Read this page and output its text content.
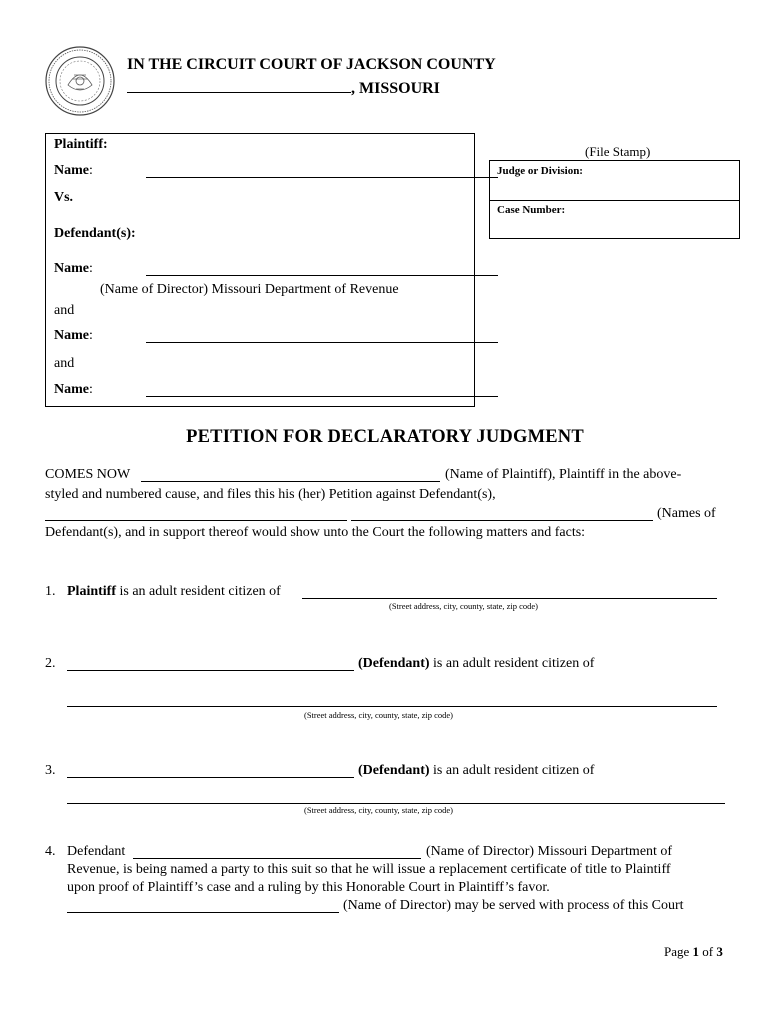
IN THE CIRCUIT COURT OF JACKSON COUNTY
, MISSOURI
Plaintiff:
Name:
Vs.
Defendant(s):
Name:
(Name of Director) Missouri Department of Revenue
and
Name:
and
Name:
(File Stamp)
Judge or Division:
Case Number:
PETITION FOR DECLARATORY JUDGMENT
COMES NOW	(Name of Plaintiff), Plaintiff in the above-
styled and numbered cause, and files this his (her) Petition against Defendant(s),
(Names of
Defendant(s), and in support thereof would show unto the Court the following matters and facts:
1. Plaintiff is an adult resident citizen of
(Street address, city, county, state, zip code)
2.	(Defendant) is an adult resident citizen of
(Street address, city, county, state, zip code)
3.	(Defendant) is an adult resident citizen of
(Street address, city, county, state, zip code)
4. Defendant	(Name of Director) Missouri Department of
Revenue, is being named a party to this suit so that he will issue a replacement certificate of title to Plaintiff
upon proof of Plaintiff’s case and a ruling by this Honorable Court in Plaintiff’s favor.
(Name of Director) may be served with process of this Court
Page 1 of 3
